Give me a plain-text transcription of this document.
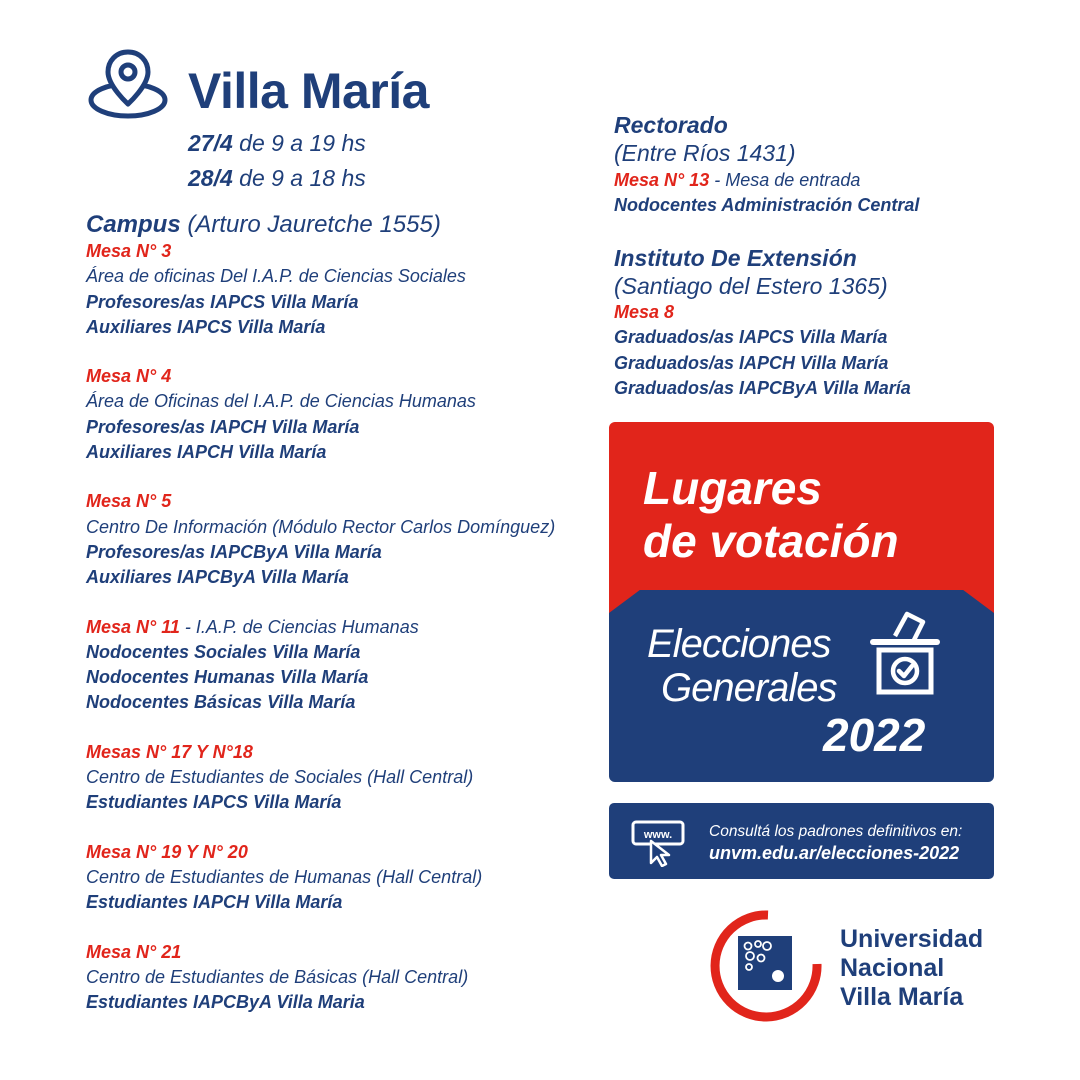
Villa María
27/4 de 9 a 19 hs
28/4 de 9 a 18 hs
Campus (Arturo Jauretche 1555)
Mesa N° 3
Área de oficinas Del I.A.P. de Ciencias Sociales
Profesores/as IAPCS Villa María
Auxiliares IAPCS Villa María
Mesa N° 4
Área de Oficinas del I.A.P. de Ciencias Humanas
Profesores/as IAPCH Villa María
Auxiliares IAPCH Villa María
Mesa N° 5
Centro De Información (Módulo Rector Carlos Domínguez)
Profesores/as IAPCByA Villa María
Auxiliares IAPCByA Villa María
Mesa N° 11 - I.A.P. de Ciencias Humanas
Nodocentes Sociales Villa María
Nodocentes Humanas Villa María
Nodocentes Básicas Villa María
Mesas N° 17 Y N°18
Centro de Estudiantes de Sociales (Hall Central)
Estudiantes IAPCS Villa María
Mesa N° 19 Y N° 20
Centro de Estudiantes de Humanas (Hall Central)
Estudiantes IAPCH Villa María
Mesa N° 21
Centro de Estudiantes de Básicas (Hall Central)
Estudiantes IAPCByA Villa Maria
Rectorado
(Entre Ríos 1431)
Mesa N° 13 - Mesa de entrada
Nodocentes Administración Central
Instituto De Extensión
(Santiago del Estero 1365)
Mesa 8
Graduados/as IAPCS Villa María
Graduados/as IAPCH Villa María
Graduados/as IAPCByA Villa María
Lugares
de votación
Elecciones
Generales
2022
www. Consultá los padrones definitivos en:
unvm.edu.ar/elecciones-2022
Universidad
Nacional
Villa María
